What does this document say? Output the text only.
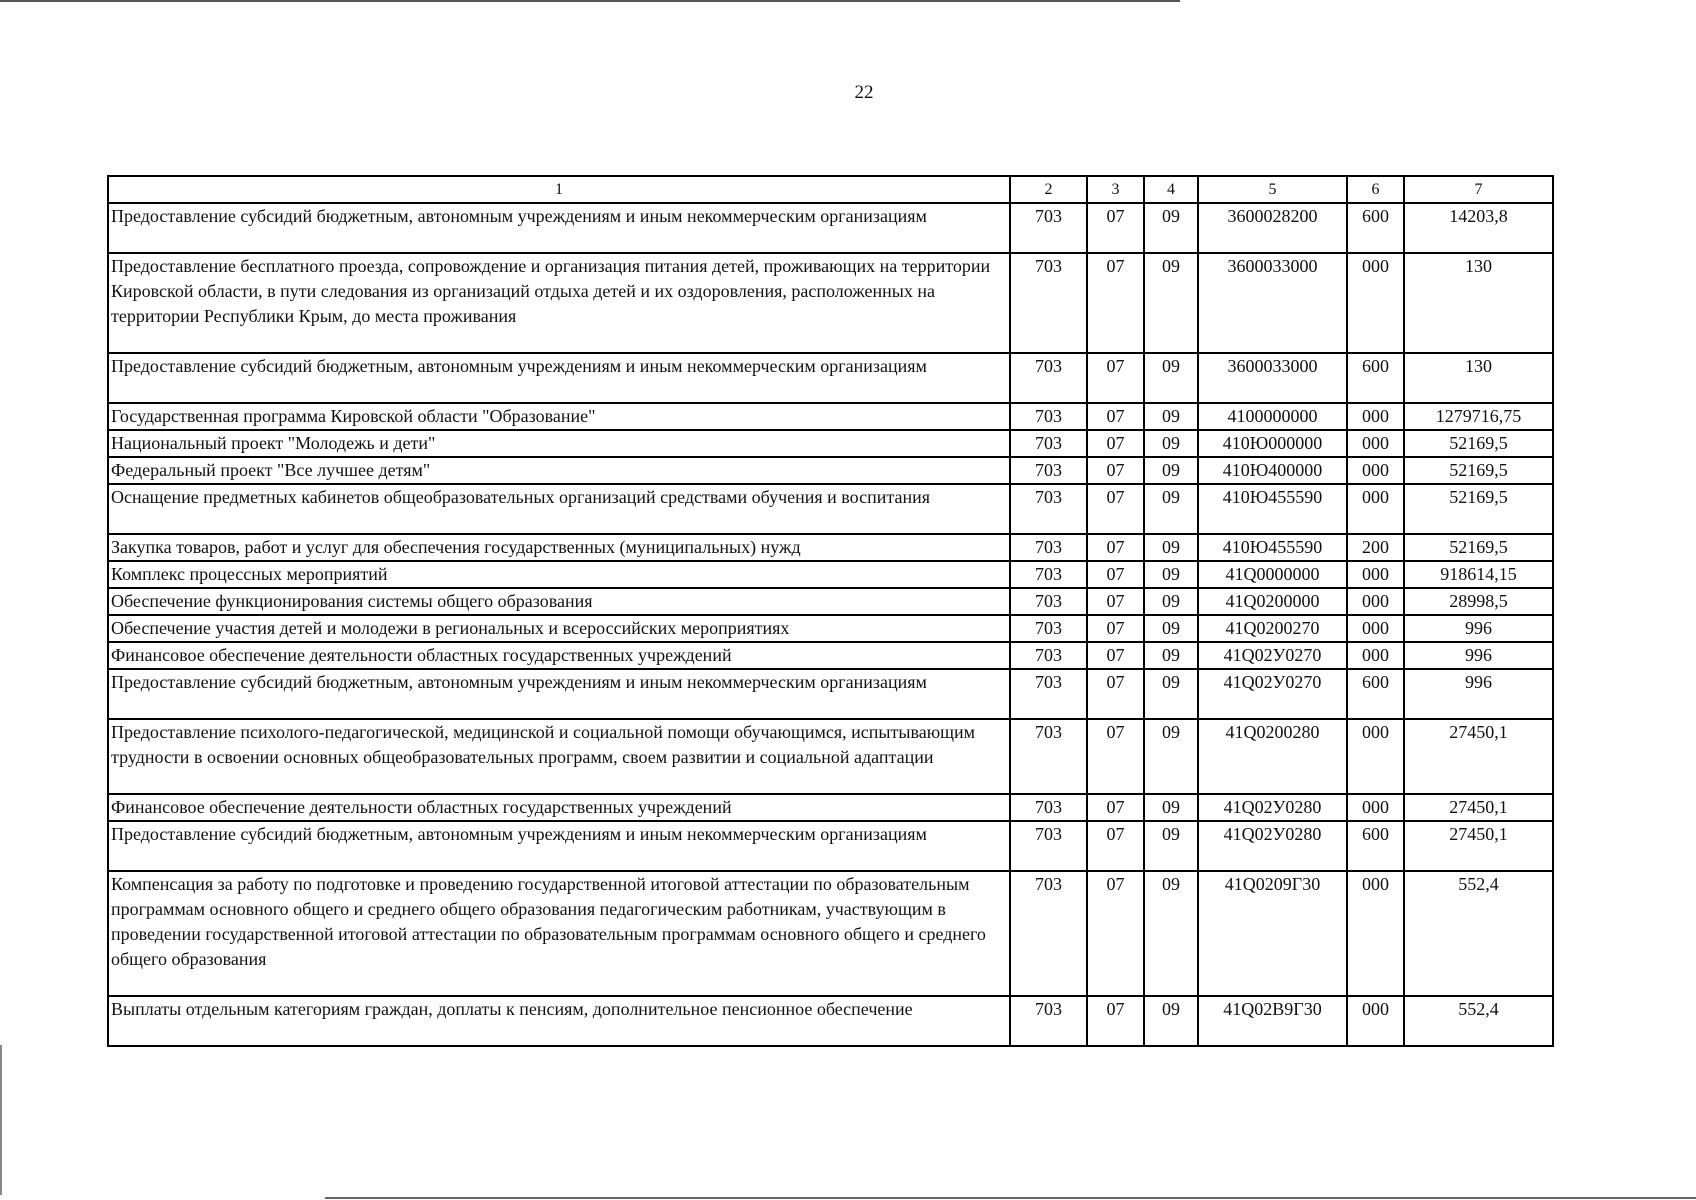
22
1	2	3	4	5	6	7
Предоставление субсидий бюджетным, автономным учреждениям и иным некоммерческим организациям	703	07	09	3600028200	600	14203,8
Предоставление бесплатного проезда, сопровождение и организация питания детей, проживающих на территории Кировской области, в пути следования из организаций отдыха детей и их оздоровления, расположенных на территории Республики Крым, до места проживания	703	07	09	3600033000	000	130
Предоставление субсидий бюджетным, автономным учреждениям и иным некоммерческим организациям	703	07	09	3600033000	600	130
Государственная программа Кировской области "Образование"	703	07	09	4100000000	000	1279716,75
Национальный проект "Молодежь и дети"	703	07	09	410Ю000000	000	52169,5
Федеральный проект "Все лучшее детям"	703	07	09	410Ю400000	000	52169,5
Оснащение предметных кабинетов общеобразовательных организаций средствами обучения и воспитания	703	07	09	410Ю455590	000	52169,5
Закупка товаров, работ и услуг для обеспечения государственных (муниципальных) нужд	703	07	09	410Ю455590	200	52169,5
Комплекс процессных мероприятий	703	07	09	41Q0000000	000	918614,15
Обеспечение функционирования системы общего образования	703	07	09	41Q0200000	000	28998,5
Обеспечение участия детей и молодежи в региональных и всероссийских мероприятиях	703	07	09	41Q0200270	000	996
Финансовое обеспечение деятельности областных государственных учреждений	703	07	09	41Q02У0270	000	996
Предоставление субсидий бюджетным, автономным учреждениям и иным некоммерческим организациям	703	07	09	41Q02У0270	600	996
Предоставление психолого-педагогической, медицинской и социальной помощи обучающимся, испытывающим трудности в освоении основных общеобразовательных программ, своем развитии и социальной адаптации	703	07	09	41Q0200280	000	27450,1
Финансовое обеспечение деятельности областных государственных учреждений	703	07	09	41Q02У0280	000	27450,1
Предоставление субсидий бюджетным, автономным учреждениям и иным некоммерческим организациям	703	07	09	41Q02У0280	600	27450,1
Компенсация за работу по подготовке и проведению государственной итоговой аттестации по образовательным программам основного общего и среднего общего образования педагогическим работникам, участвующим в проведении государственной итоговой аттестации по образовательным программам основного общего и среднего общего образования	703	07	09	41Q0209Г30	000	552,4
Выплаты отдельным категориям граждан, доплаты к пенсиям, дополнительное пенсионное обеспечение	703	07	09	41Q02В9Г30	000	552,4
